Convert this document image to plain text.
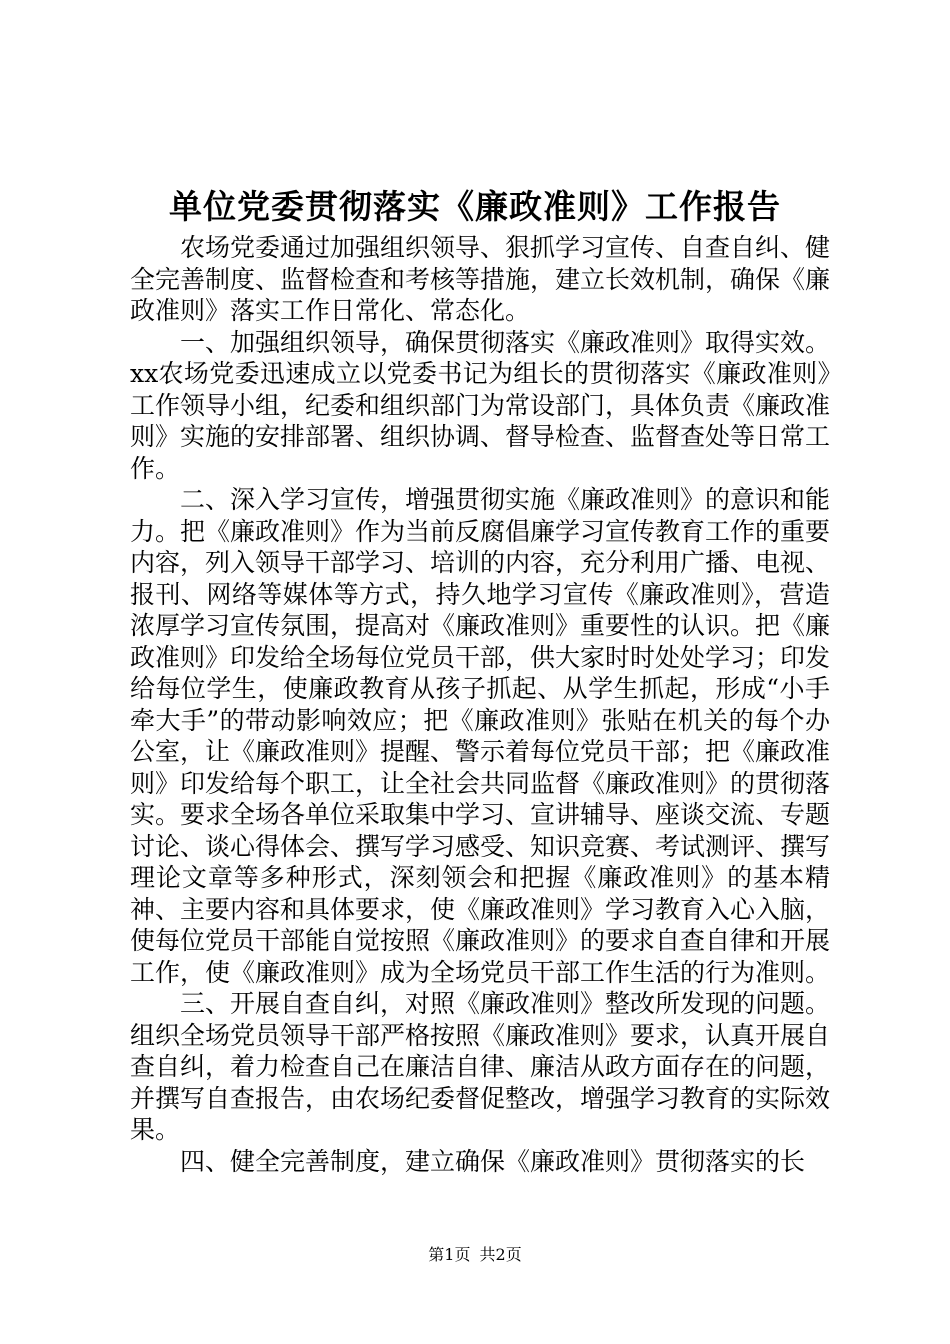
单位党委贯彻落实《廉政准则》工作报告

农场党委通过加强组织领导、狠抓学习宣传、自查自纠、健全完善制度、监督检查和考核等措施，建立长效机制，确保《廉政准则》落实工作日常化、常态化。

一、加强组织领导，确保贯彻落实《廉政准则》取得实效。xx农场党委迅速成立以党委书记为组长的贯彻落实《廉政准则》工作领导小组，纪委和组织部门为常设部门，具体负责《廉政准则》实施的安排部署、组织协调、督导检查、监督查处等日常工作。

二、深入学习宣传，增强贯彻实施《廉政准则》的意识和能力。把《廉政准则》作为当前反腐倡廉学习宣传教育工作的重要内容，列入领导干部学习、培训的内容，充分利用广播、电视、报刊、网络等媒体等方式，持久地学习宣传《廉政准则》，营造浓厚学习宣传氛围，提高对《廉政准则》重要性的认识。把《廉政准则》印发给全场每位党员干部，供大家时时处处学习；印发给每位学生，使廉政教育从孩子抓起、从学生抓起，形成“小手牵大手”的带动影响效应；把《廉政准则》张贴在机关的每个办公室，让《廉政准则》提醒、警示着每位党员干部；把《廉政准则》印发给每个职工，让全社会共同监督《廉政准则》的贯彻落实。要求全场各单位采取集中学习、宣讲辅导、座谈交流、专题讨论、谈心得体会、撰写学习感受、知识竞赛、考试测评、撰写理论文章等多种形式，深刻领会和把握《廉政准则》的基本精神、主要内容和具体要求，使《廉政准则》学习教育入心入脑，使每位党员干部能自觉按照《廉政准则》的要求自查自律和开展工作，使《廉政准则》成为全场党员干部工作生活的行为准则。

三、开展自查自纠，对照《廉政准则》整改所发现的问题。组织全场党员领导干部严格按照《廉政准则》要求，认真开展自查自纠，着力检查自己在廉洁自律、廉洁从政方面存在的问题，并撰写自查报告，由农场纪委督促整改，增强学习教育的实际效果。

四、健全完善制度，建立确保《廉政准则》贯彻落实的长

第1页 共2页
